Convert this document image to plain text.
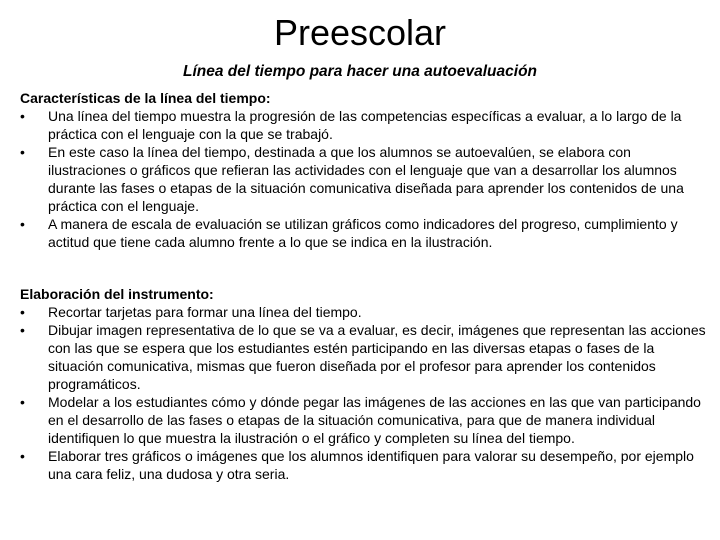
Preescolar
Línea del tiempo para hacer una autoevaluación

Características de la línea del tiempo:

•	Una línea del tiempo muestra la progresión de las competencias específicas a evaluar, a lo largo de la práctica con el lenguaje con la que se trabajó.
•	En este caso la línea del tiempo, destinada a que los alumnos se autoevalúen, se elabora con ilustraciones o gráficos que refieran las actividades con el lenguaje que van a desarrollar los alumnos durante las fases o etapas de la situación comunicativa diseñada para aprender los contenidos de una práctica con el lenguaje.
•	A manera de escala de evaluación se utilizan gráficos como indicadores del progreso, cumplimiento y actitud que tiene cada alumno frente a lo que se indica en la ilustración.

Elaboración del instrumento:

•	Recortar tarjetas para formar una línea del tiempo.
•	Dibujar imagen representativa de lo que se va a evaluar, es decir, imágenes que representan las acciones con las que se espera que los estudiantes estén participando en las diversas etapas o fases de la situación comunicativa, mismas que fueron diseñada por el profesor para aprender los contenidos programáticos.
•	Modelar a los estudiantes cómo y dónde pegar las imágenes de las acciones en las que van participando en el desarrollo de las fases o etapas de la situación comunicativa, para que de manera individual identifiquen lo que muestra la ilustración o el gráfico y completen su línea del tiempo.
•	Elaborar tres gráficos o imágenes que los alumnos identifiquen para valorar su desempeño, por ejemplo una cara feliz, una dudosa y otra seria.
